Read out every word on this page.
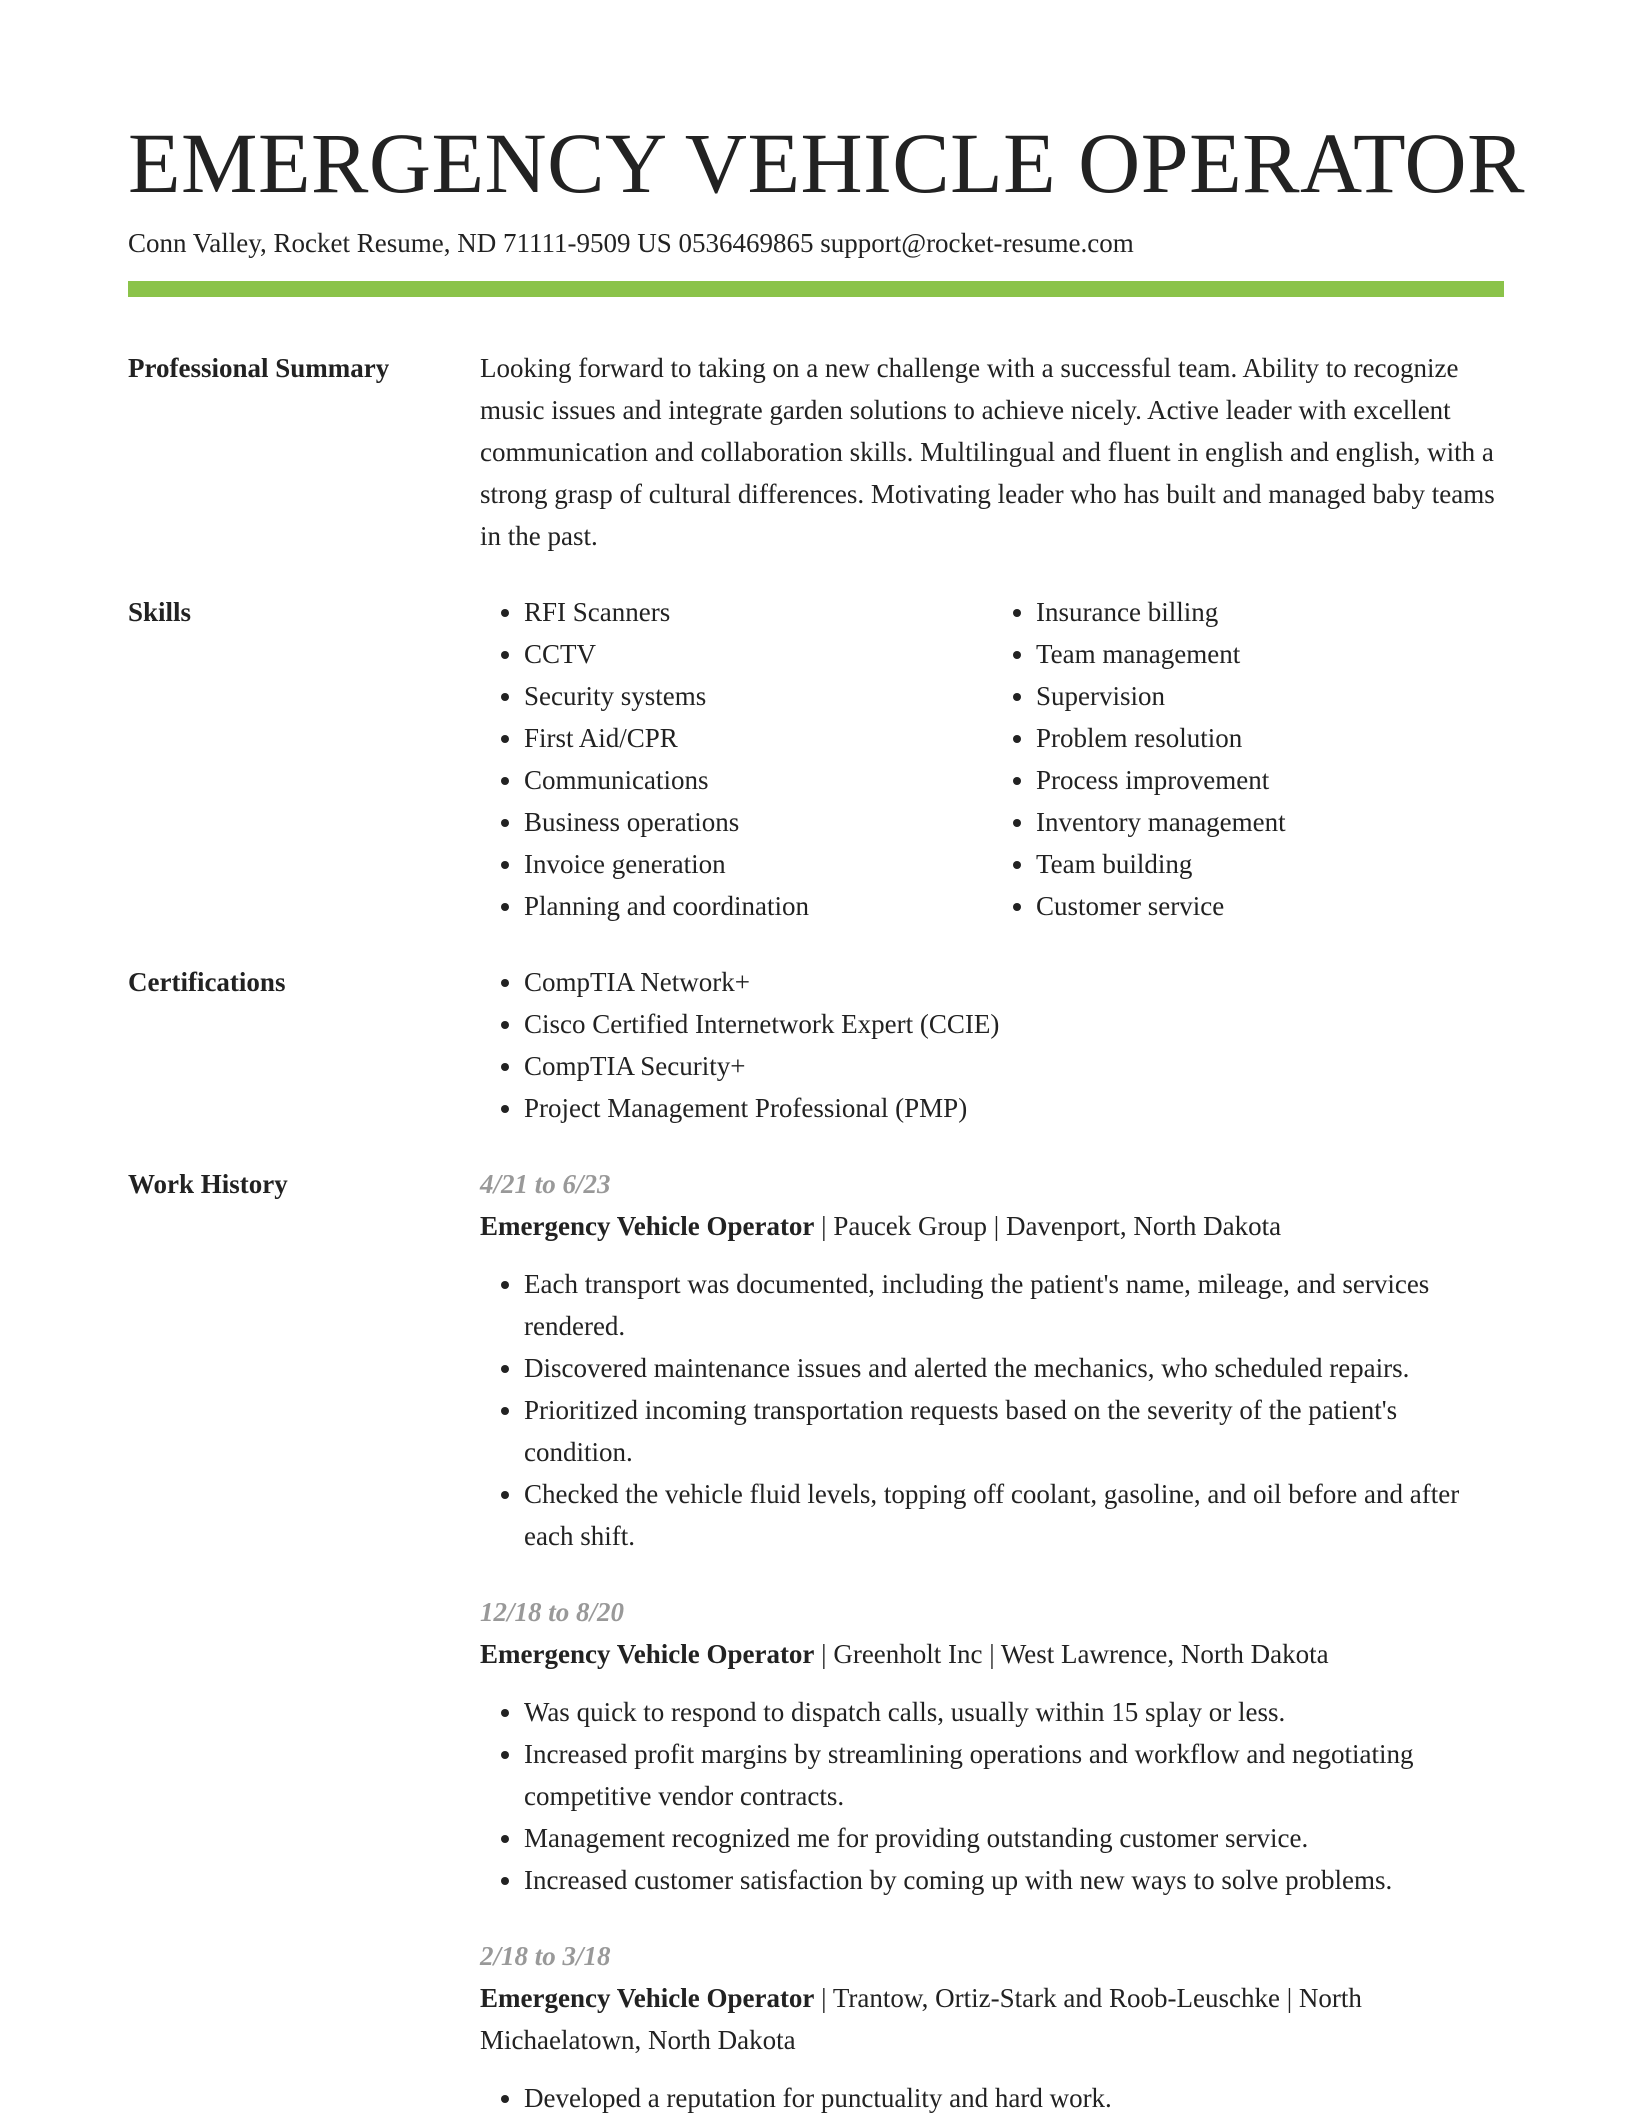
EMERGENCY VEHICLE OPERATOR
Conn Valley, Rocket Resume, ND 71111-9509 US 0536469865 support@rocket-resume.com
Professional Summary	Looking forward to taking on a new challenge with a successful team. Ability to recognize music issues and integrate garden solutions to achieve nicely. Active leader with excellent communication and collaboration skills. Multilingual and fluent in english and english, with a strong grasp of cultural differences. Motivating leader who has built and managed baby teams in the past.

Skills	• RFI Scanners
• CCTV
• Security systems
• First Aid/CPR
• Communications
• Business operations
• Invoice generation
• Planning and coordination
• Insurance billing
• Team management
• Supervision
• Problem resolution
• Process improvement
• Inventory management
• Team building
• Customer service
Certifications	• CompTIA Network+
• Cisco Certified Internetwork Expert (CCIE)
• CompTIA Security+
• Project Management Professional (PMP)
Work History	4/21 to 6/23
Emergency Vehicle Operator | Paucek Group | Davenport, North Dakota
• Each transport was documented, including the patient's name, mileage, and services rendered.
• Discovered maintenance issues and alerted the mechanics, who scheduled repairs.
• Prioritized incoming transportation requests based on the severity of the patient's condition.
• Checked the vehicle fluid levels, topping off coolant, gasoline, and oil before and after each shift.
12/18 to 8/20
Emergency Vehicle Operator | Greenholt Inc | West Lawrence, North Dakota
• Was quick to respond to dispatch calls, usually within 15 splay or less.
• Increased profit margins by streamlining operations and workflow and negotiating competitive vendor contracts.
• Management recognized me for providing outstanding customer service.
• Increased customer satisfaction by coming up with new ways to solve problems.
2/18 to 3/18
Emergency Vehicle Operator | Trantow, Ortiz-Stark and Roob-Leuschke | North Michaelatown, North Dakota
• Developed a reputation for punctuality and hard work.
